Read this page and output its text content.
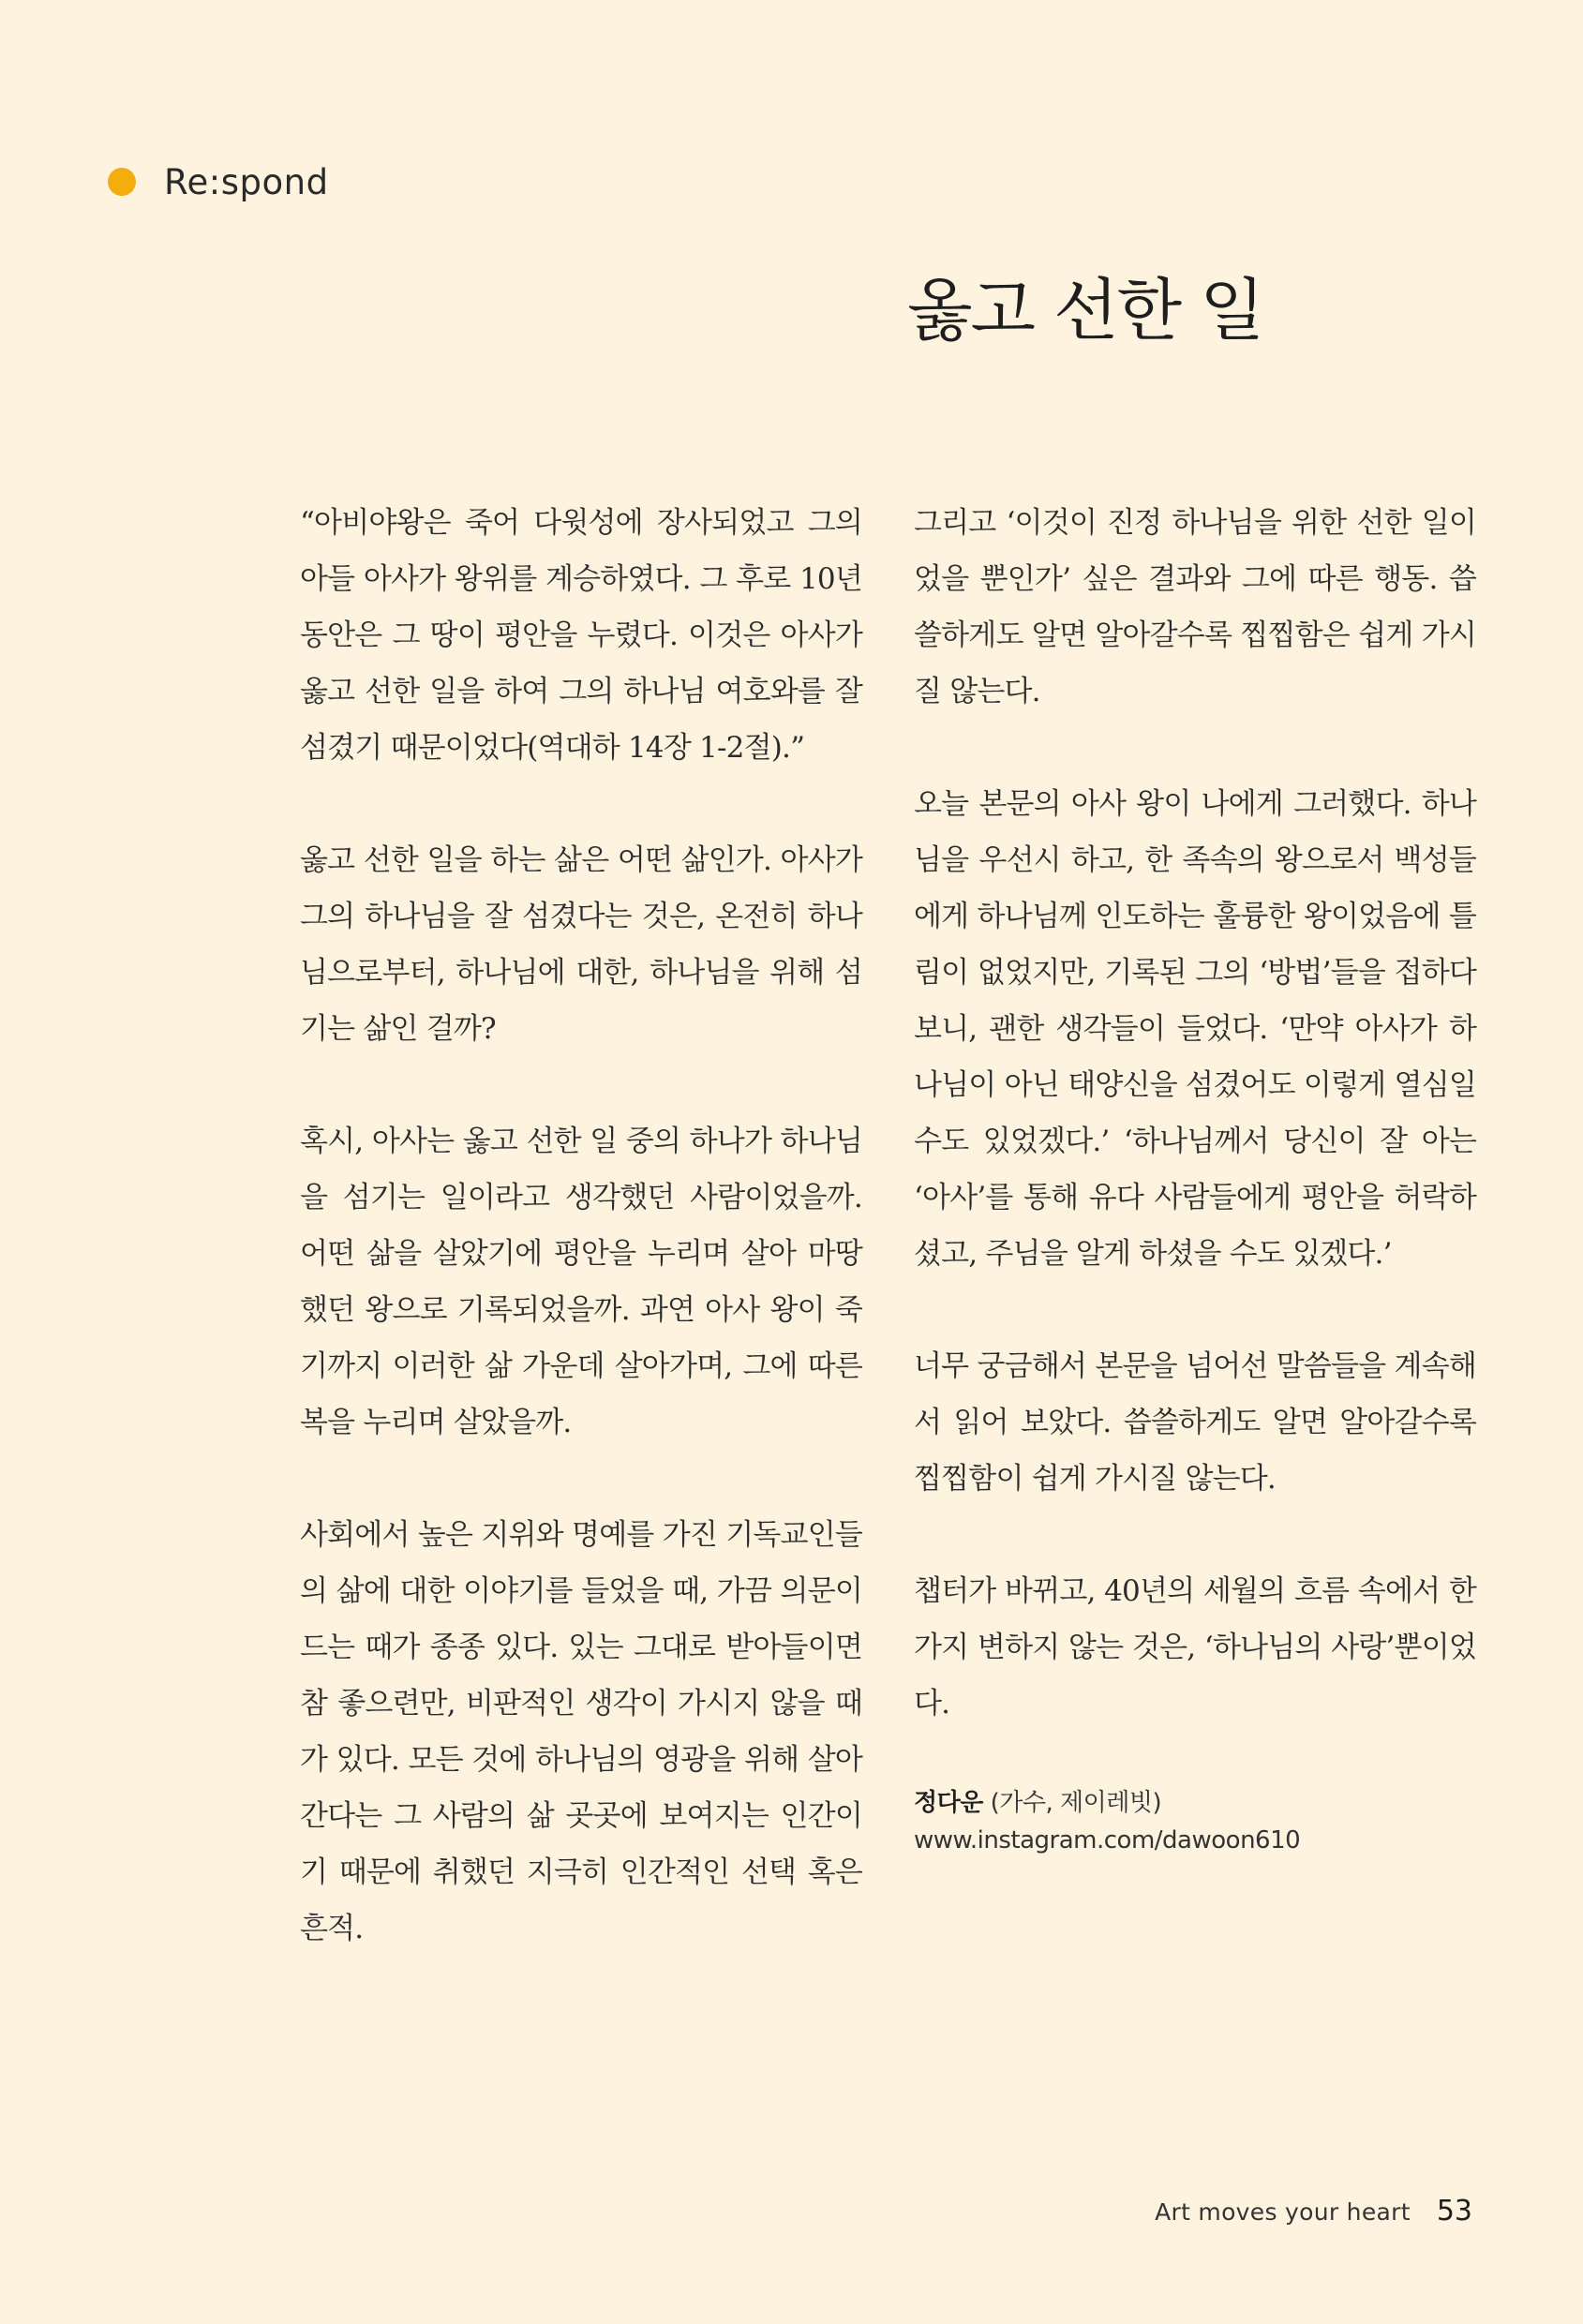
Re:spond
옳고 선한 일

“아비야왕은 죽어 다윗성에 장사되었고 그의 아들 아사가 왕위를 계승하였다. 그 후로 10년 동안은 그 땅이 평안을 누렸다. 이것은 아사가 옳고 선한 일을 하여 그의 하나님 여호와를 잘 섬겼기 때문이었다(역대하 14장 1-2절).”

옳고 선한 일을 하는 삶은 어떤 삶인가. 아사가 그의 하나님을 잘 섬겼다는 것은, 온전히 하나님으로부터, 하나님에 대한, 하나님을 위해 섬기는 삶인 걸까?

혹시, 아사는 옳고 선한 일 중의 하나가 하나님을 섬기는 일이라고 생각했던 사람이었을까. 어떤 삶을 살았기에 평안을 누리며 살아 마땅했던 왕으로 기록되었을까. 과연 아사 왕이 죽기까지 이러한 삶 가운데 살아가며, 그에 따른 복을 누리며 살았을까.

사회에서 높은 지위와 명예를 가진 기독교인들의 삶에 대한 이야기를 들었을 때, 가끔 의문이 드는 때가 종종 있다. 있는 그대로 받아들이면 참 좋으련만, 비판적인 생각이 가시지 않을 때가 있다. 모든 것에 하나님의 영광을 위해 살아간다는 그 사람의 삶 곳곳에 보여지는 인간이기 때문에 취했던 지극히 인간적인 선택 혹은 흔적.

그리고 ‘이것이 진정 하나님을 위한 선한 일이었을 뿐인가’ 싶은 결과와 그에 따른 행동. 씁쓸하게도 알면 알아갈수록 찝찝함은 쉽게 가시질 않는다.

오늘 본문의 아사 왕이 나에게 그러했다. 하나님을 우선시 하고, 한 족속의 왕으로서 백성들에게 하나님께 인도하는 훌륭한 왕이었음에 틀림이 없었지만, 기록된 그의 ‘방법’들을 접하다 보니, 괜한 생각들이 들었다. ‘만약 아사가 하나님이 아닌 태양신을 섬겼어도 이렇게 열심일 수도 있었겠다.’ ‘하나님께서 당신이 잘 아는 ‘아사’를 통해 유다 사람들에게 평안을 허락하셨고, 주님을 알게 하셨을 수도 있겠다.’

너무 궁금해서 본문을 넘어선 말씀들을 계속해서 읽어 보았다. 씁쓸하게도 알면 알아갈수록 찝찝함이 쉽게 가시질 않는다.

챕터가 바뀌고, 40년의 세월의 흐름 속에서 한 가지 변하지 않는 것은, ‘하나님의 사랑’뿐이었다.

정다운 (가수, 제이레빗)
www.instagram.com/dawoon610
Art moves your heart 53
